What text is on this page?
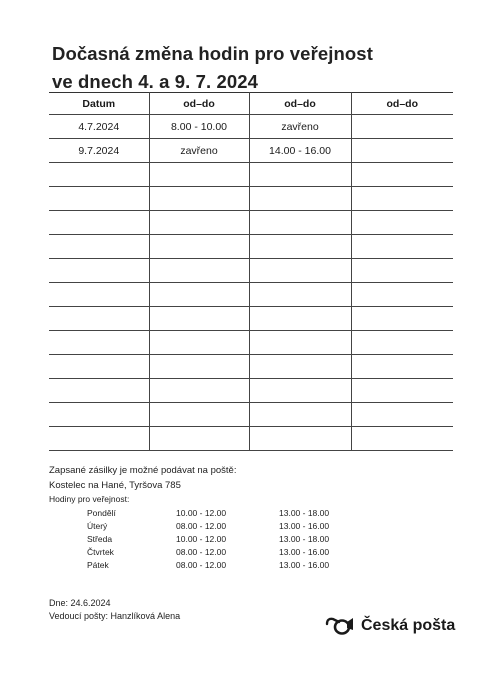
Dočasná změna hodin pro veřejnost
ve dnech 4. a 9. 7. 2024
Datum	od–do	od–do	od–do
4.7.2024	8.00 - 10.00	zavřeno	
9.7.2024	zavřeno	14.00 - 16.00	

Zapsané zásilky je možné podávat na poště:
Kostelec na Hané, Tyršova 785
Hodiny pro veřejnost:
Pondělí	10.00 - 12.00	13.00 - 18.00
Úterý	08.00 - 12.00	13.00 - 16.00
Středa	10.00 - 12.00	13.00 - 18.00
Čtvrtek	08.00 - 12.00	13.00 - 16.00
Pátek	08.00 - 12.00	13.00 - 16.00
Dne: 24.6.2024
Vedoucí pošty: Hanzlíková Alena
Česká pošta
